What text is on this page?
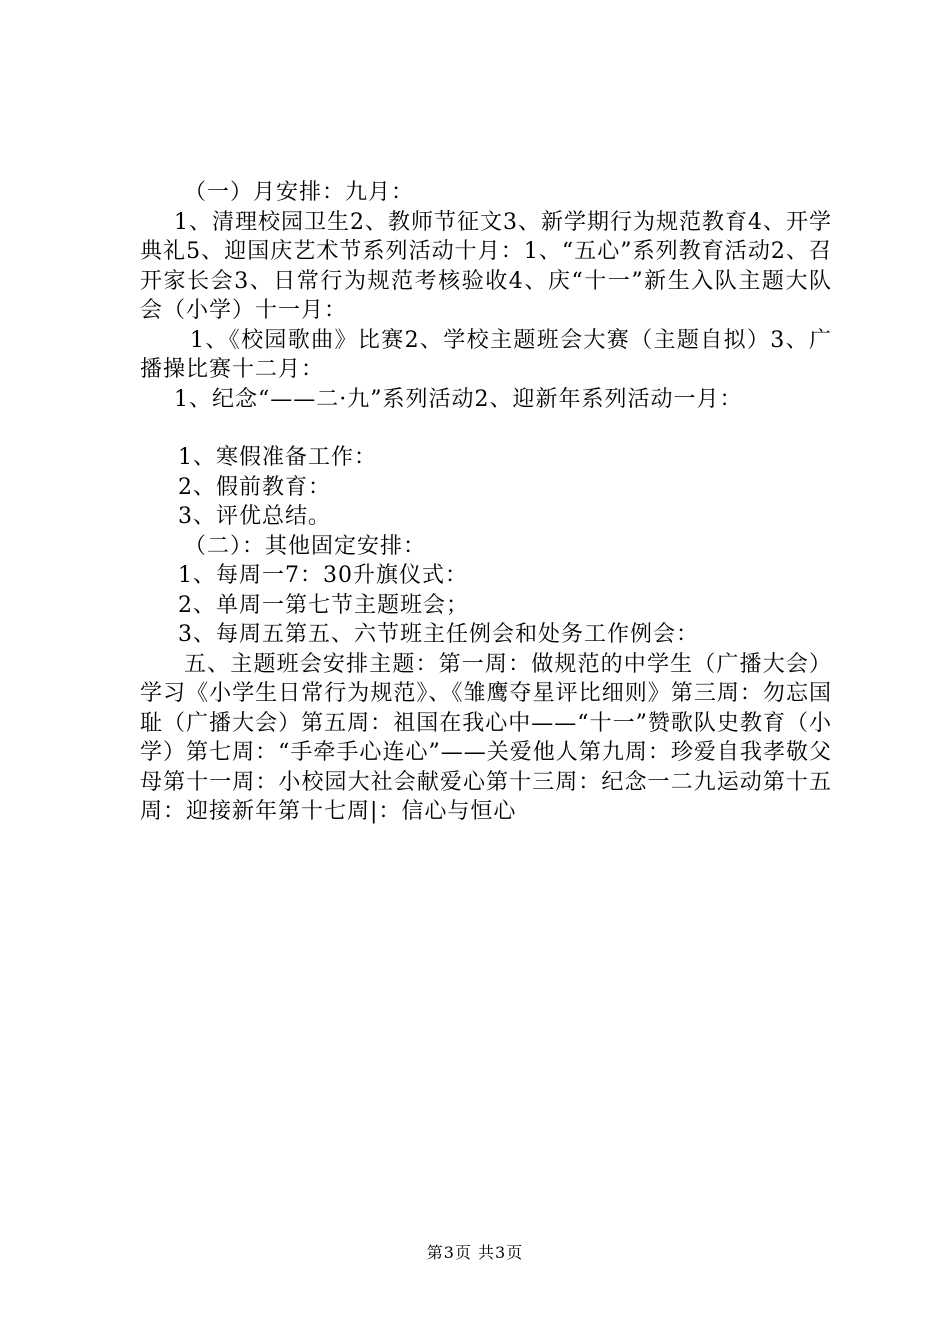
（一）月安排：九月：
1、清理校园卫生2、教师节征文3、新学期行为规范教育4、开学典礼5、迎国庆艺术节系列活动十月：1、“五心”系列教育活动2、召开家长会3、日常行为规范考核验收4、庆“十一”新生入队主题大队会（小学）十一月：
1、《校园歌曲》比赛2、学校主题班会大赛（主题自拟）3、广播操比赛十二月：
1、纪念“——二·九”系列活动2、迎新年系列活动一月：
1、寒假准备工作：
2、假前教育：
3、评优总结。
（二）：其他固定安排：
1、每周一7：30升旗仪式：
2、单周一第七节主题班会；
3、每周五第五、六节班主任例会和处务工作例会：
五、主题班会安排主题：第一周：做规范的中学生（广播大会）学习《小学生日常行为规范》、《雏鹰夺星评比细则》第三周：勿忘国耻（广播大会）第五周：祖国在我心中——“十一”赞歌队史教育（小学）第七周：“手牵手心连心”——关爱他人第九周：珍爱自我孝敬父母第十一周：小校园大社会献爱心第十三周：纪念一二九运动第十五周：迎接新年第十七周|：信心与恒心
第3页 共3页
